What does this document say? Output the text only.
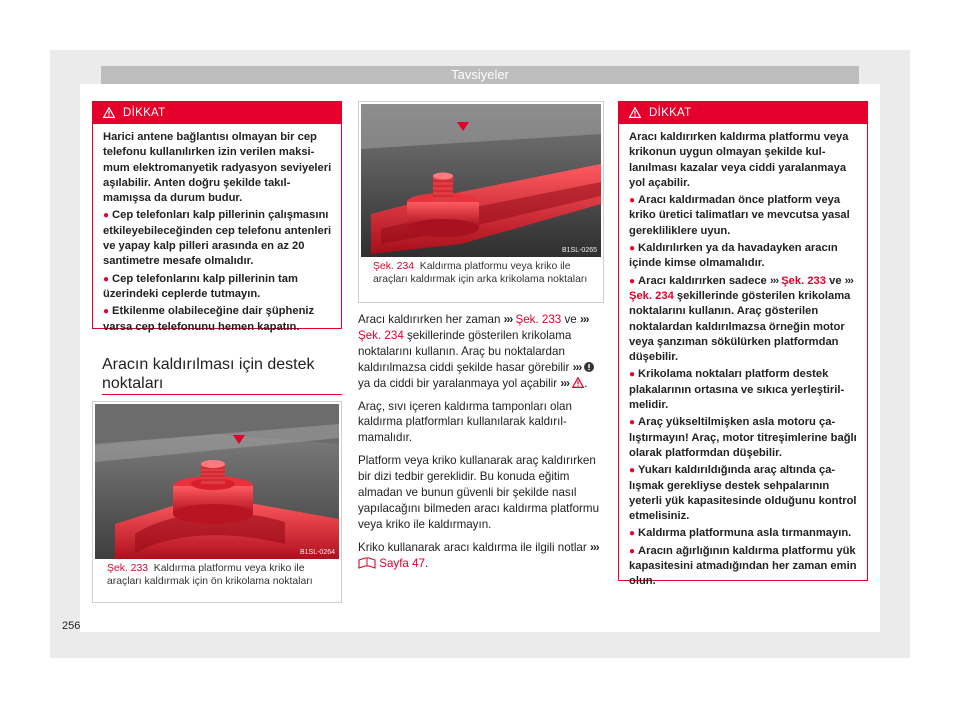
Tavsiyeler
DİKKAT

Harici antene bağlantısı olmayan bir cep telefonu kullanılırken izin verilen maksimum elektromanyetik radyasyon seviyeleri aşılabilir. Anten doğru şekilde takılmamışsa da durum budur.

● Cep telefonları kalp pillerinin çalışmasını etkileyebileceğinden cep telefonu antenleri ve yapay kalp pilleri arasında en az 20 santimetre mesafe olmalıdır.

● Cep telefonlarını kalp pillerinin tam üzerindeki ceplerde tutmayın.

● Etkilenme olabileceğine dair şüpheniz varsa cep telefonunu hemen kapatın.

Aracın kaldırılması için destek noktaları
B1SL-0264
Şek. 233 Kaldırma platformu veya kriko ile araçları kaldırmak için ön krikolama noktaları
B1SL-0265
Şek. 234 Kaldırma platformu veya kriko ile araçları kaldırmak için arka krikolama noktaları

Aracı kaldırırken her zaman ››› Şek. 233 ve ››› Şek. 234 şekillerinde gösterilen krikolama noktalarını kullanın. Araç bu noktalardan kaldırılmazsa ciddi şekilde hasar görebilir ›››  ya da ciddi bir yaralanmaya yol açabilir ››› .

Araç, sıvı içeren kaldırma tamponları olan kaldırma platformları kullanılarak kaldırılmamalıdır.

Platform veya kriko kullanarak araç kaldırırken bir dizi tedbir gereklidir. Bu konuda eğitim almadan ve bunun güvenli bir şekilde nasıl yapılacağını bilmeden aracı kaldırma platformu veya kriko ile kaldırmayın.

Kriko kullanarak aracı kaldırma ile ilgili notlar ›››  Sayfa 47.

DİKKAT

Aracı kaldırırken kaldırma platformu veya krikonun uygun olmayan şekilde kullanılması kazalar veya ciddi yaralanmaya yol açabilir.

● Aracı kaldırmadan önce platform veya kriko üretici talimatları ve mevcutsa yasal gerekliliklere uyun.

● Kaldırılırken ya da havadayken aracın içinde kimse olmamalıdır.

● Aracı kaldırırken sadece ››› Şek. 233 ve ››› Şek. 234 şekillerinde gösterilen krikolama noktalarını kullanın. Araç gösterilen noktalardan kaldırılmazsa örneğin motor veya şanzıman sökülürken platformdan düşebilir.

● Krikolama noktaları platform destek plakalarının ortasına ve sıkıca yerleştirilmelidir.

● Araç yükseltilmişken asla motoru çalıştırmayın! Araç, motor titreşimlerine bağlı olarak platformdan düşebilir.

● Yukarı kaldırıldığında araç altında çalışmak gerekliyse destek sehpalarının yeterli yük kapasitesinde olduğunu kontrol etmelisiniz.

● Kaldırma platformuna asla tırmanmayın.

● Aracın ağırlığının kaldırma platformu yük kapasitesini atmadığından her zaman emin olun.

256
